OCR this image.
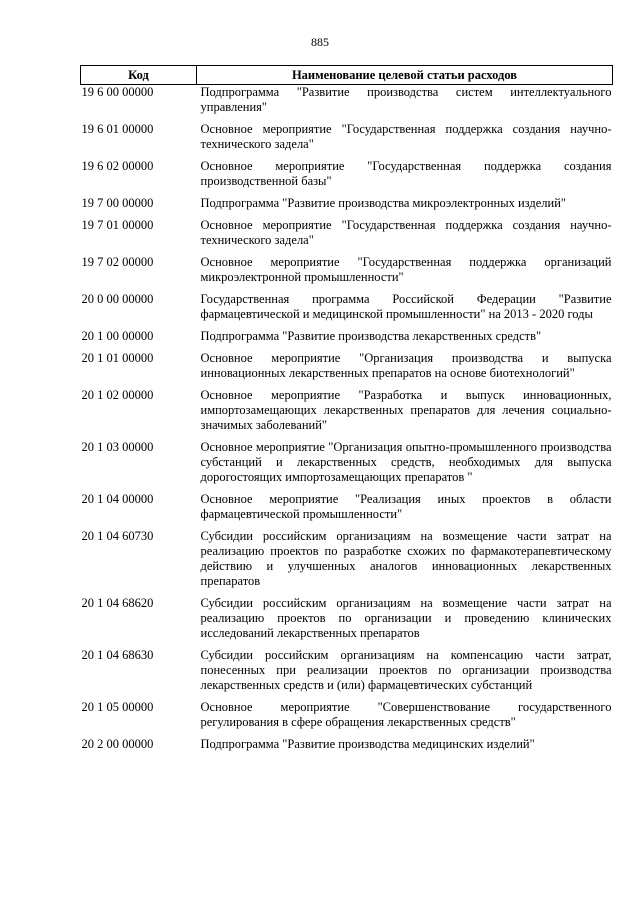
885
Код	Наименование целевой статьи расходов
19 6 00 00000	Подпрограмма "Развитие производства систем интеллектуального управления"
19 6 01 00000	Основное мероприятие "Государственная поддержка создания научно-технического задела"
19 6 02 00000	Основное мероприятие "Государственная поддержка создания производственной базы"
19 7 00 00000	Подпрограмма "Развитие производства микроэлектронных изделий"
19 7 01 00000	Основное мероприятие "Государственная поддержка создания научно-технического задела"
19 7 02 00000	Основное мероприятие "Государственная поддержка организаций микроэлектронной промышленности"
20 0 00 00000	Государственная программа Российской Федерации "Развитие фармацевтической и медицинской промышленности" на 2013 - 2020 годы
20 1 00 00000	Подпрограмма "Развитие производства лекарственных средств"
20 1 01 00000	Основное мероприятие "Организация производства и выпуска инновационных лекарственных препаратов на основе биотехнологий"
20 1 02 00000	Основное мероприятие "Разработка и выпуск инновационных, импортозамещающих лекарственных препаратов для лечения социально-значимых заболеваний"
20 1 03 00000	Основное мероприятие "Организация опытно-промышленного производства субстанций и лекарственных средств, необходимых для выпуска дорогостоящих импортозамещающих препаратов "
20 1 04 00000	Основное мероприятие "Реализация иных проектов в области фармацевтической промышленности"
20 1 04 60730	Субсидии российским организациям на возмещение части затрат на реализацию проектов по разработке схожих по фармакотерапевтическому действию и улучшенных аналогов инновационных лекарственных препаратов
20 1 04 68620	Субсидии российским организациям на возмещение части затрат на реализацию проектов по организации и проведению клинических исследований лекарственных препаратов
20 1 04 68630	Субсидии российским организациям на компенсацию части затрат, понесенных при реализации проектов по организации производства лекарственных средств и (или) фармацевтических субстанций
20 1 05 00000	Основное мероприятие "Совершенствование государственного регулирования в сфере обращения лекарственных средств"
20 2 00 00000	Подпрограмма "Развитие производства медицинских изделий"
